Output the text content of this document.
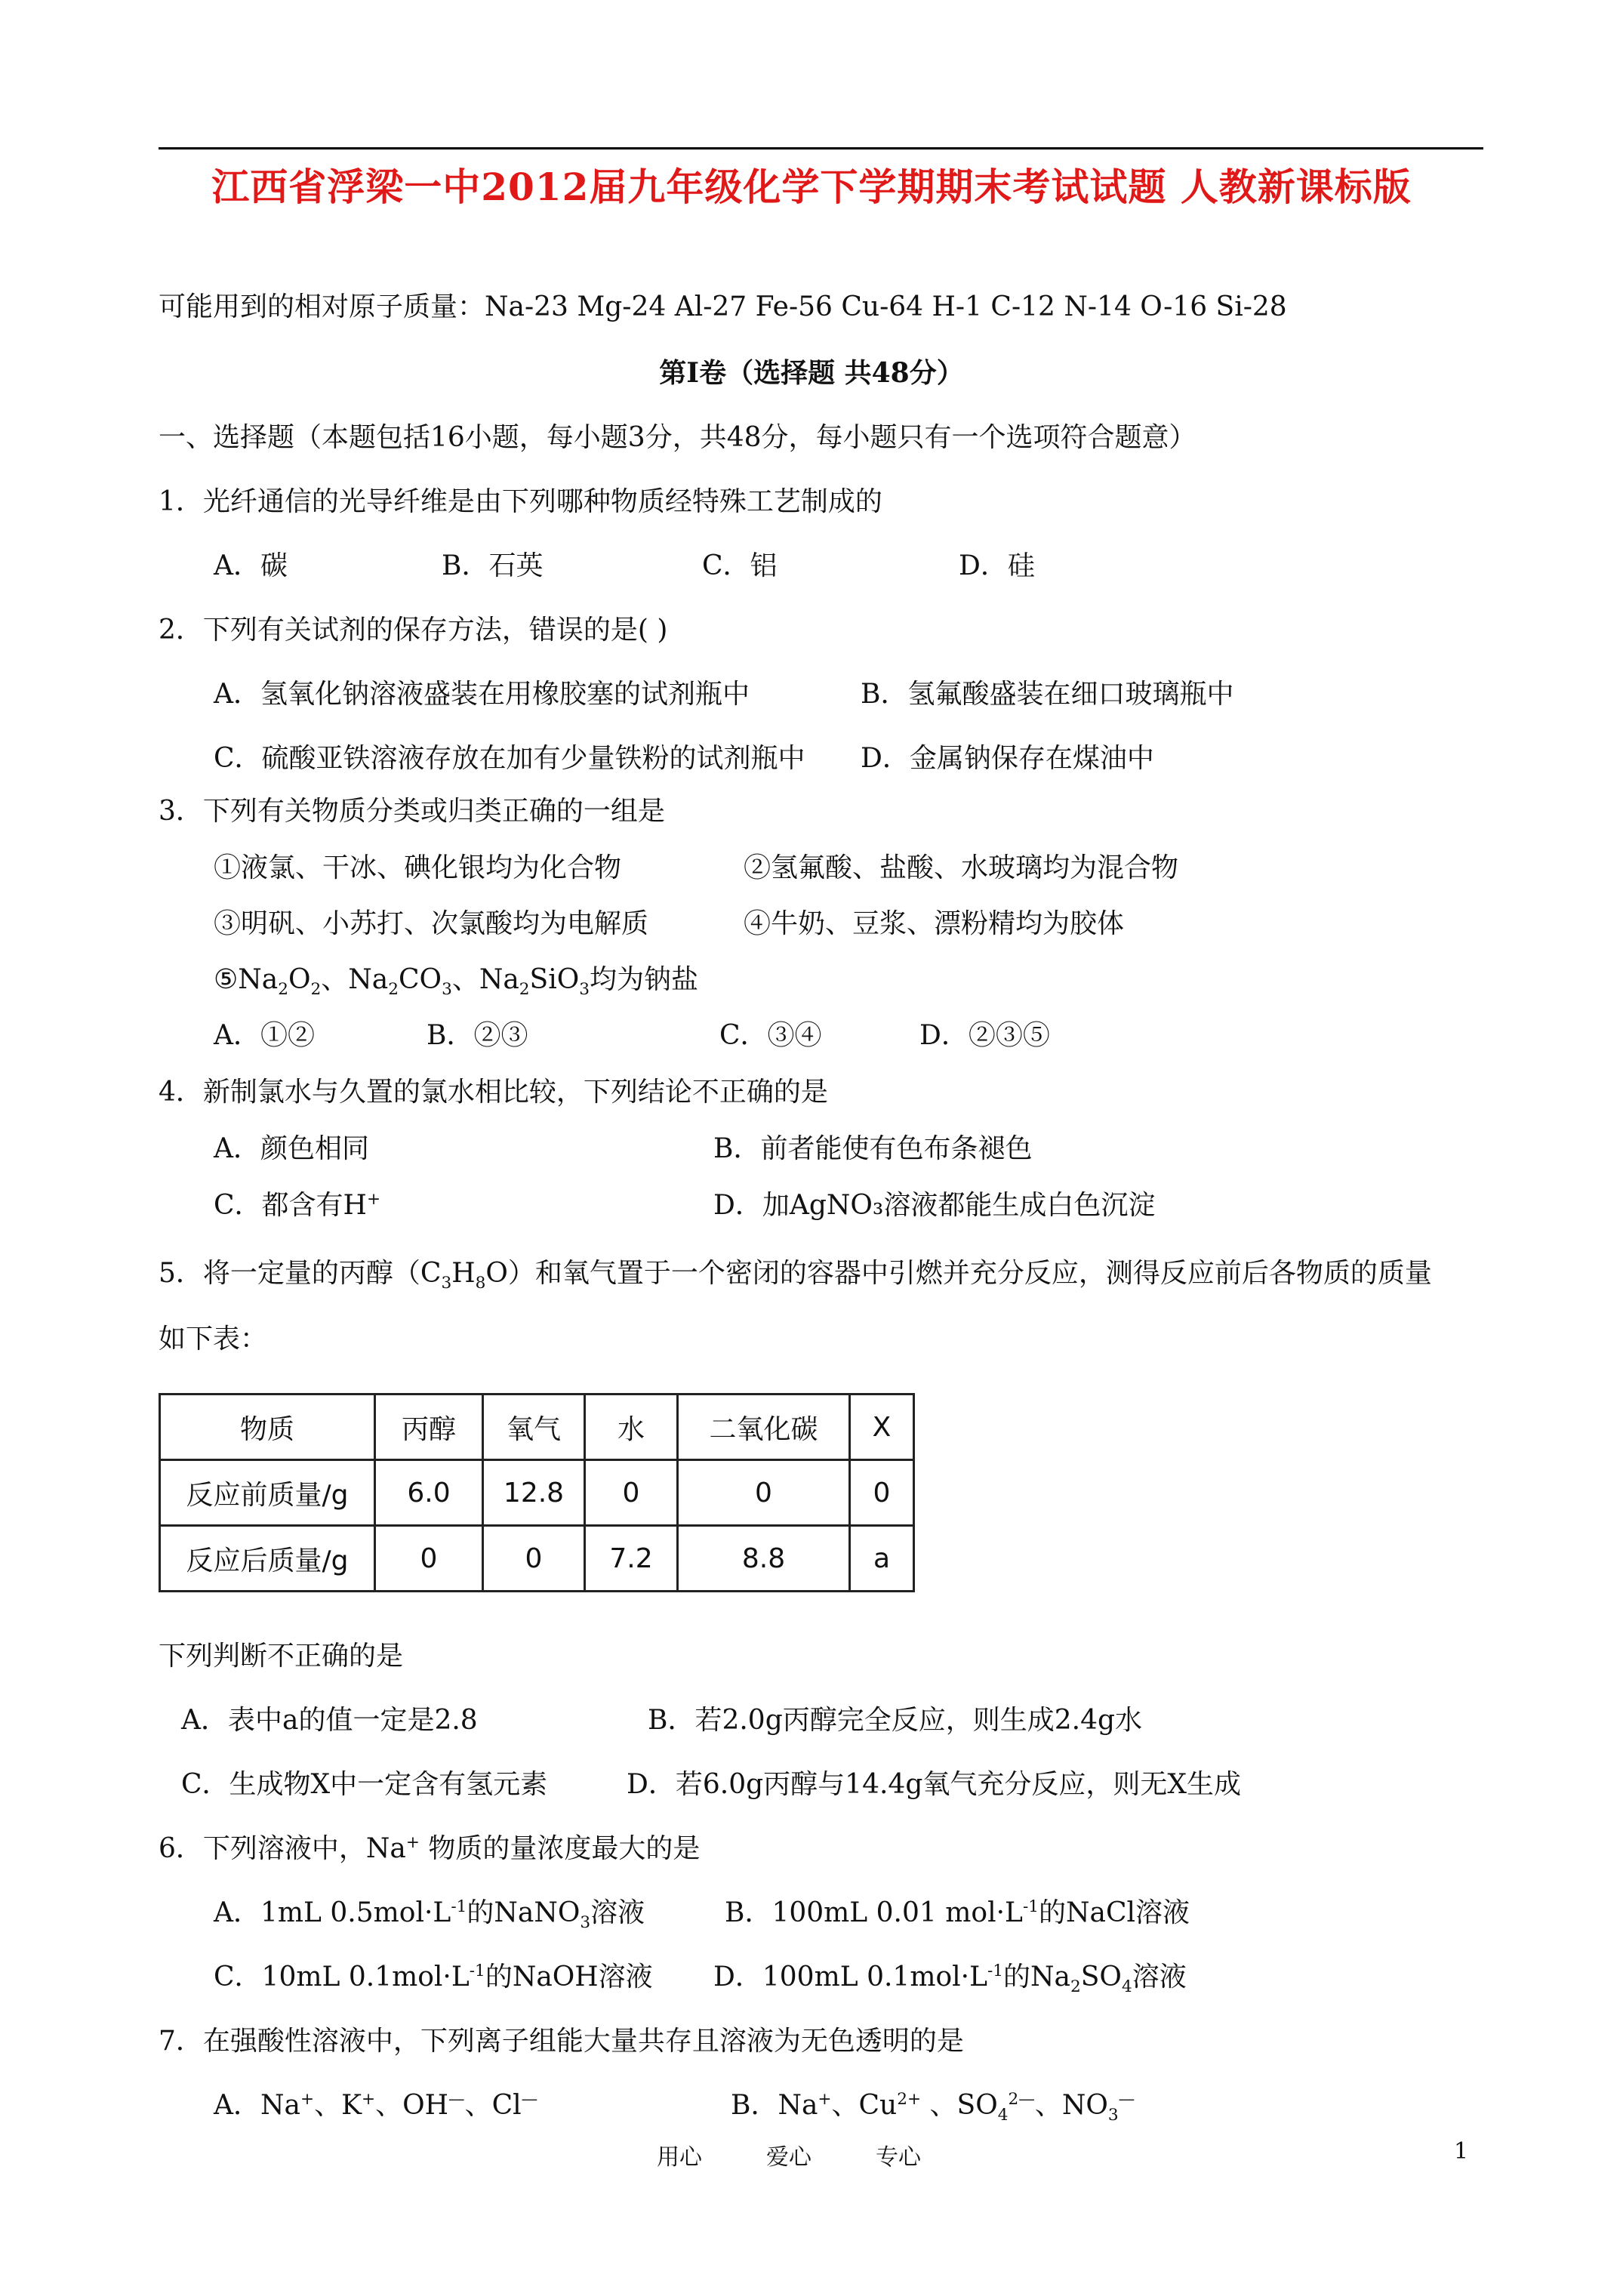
江西省浮梁一中2012届九年级化学下学期期末考试试题 人教新课标版
可能用到的相对原子质量：Na-23 Mg-24 Al-27 Fe-56 Cu-64 H-1 C-12 N-14 O-16 Si-28
第Ⅰ卷（选择题 共48分）
一、选择题（本题包括16小题，每小题3分，共48分，每小题只有一个选项符合题意）
1．光纤通信的光导纤维是由下列哪种物质经特殊工艺制成的
A．碳	B．石英	C．铝	D．硅
2．下列有关试剂的保存方法，错误的是( )
A．氢氧化钠溶液盛装在用橡胶塞的试剂瓶中	B．氢氟酸盛装在细口玻璃瓶中
C．硫酸亚铁溶液存放在加有少量铁粉的试剂瓶中 D．金属钠保存在煤油中
3．下列有关物质分类或归类正确的一组是
①液氯、干冰、碘化银均为化合物	②氢氟酸、盐酸、水玻璃均为混合物
③明矾、小苏打、次氯酸均为电解质	④牛奶、豆浆、漂粉精均为胶体
$⑤Na_2O_2$、$Na_2CO_3$、$Na_2SiO_3$均为钠盐
A．①②	B．②③	C．③④	D．②③⑤
4．新制氯水与久置的氯水相比较，下列结论不正确的是
A．颜色相同	B．前者能使有色布条褪色
C．都含有H+	D．加AgNO₃溶液都能生成白色沉淀
5．将一定量的丙醇$(C_3H_8O)$和氧气置于一个密闭的容器中引燃并充分反应，测得反应前后各物质的质量
如下表：
物质	丙醇	氧气	水	二氧化碳	X
反应前质量/g	6.0	12.8	0	0	0
反应后质量/g	0	0	7.2	8.8	a
下列判断不正确的是
A．表中a的值一定是2.8	B．若2.0g丙醇完全反应，则生成2.4g水
C．生成物X中一定含有氢元素	D．若6.0g丙醇与14.4g氧气充分反应，则无X生成
6．下列溶液中，Na+ 物质的量浓度最大的是
A．1mL $0.5mol\cdot L^{-1}$的NaNO$_3$溶液	B．100mL 0.01 $mol\cdot L^{-1}$的NaCl溶液
C．10mL $0.1mol\cdot L^{-1}$的NaOH溶液 D．100mL $0.1mol\cdot L^{-1}$的$Na_2SO_4$溶液
7．在强酸性溶液中，下列离子组能大量共存且溶液为无色透明的是
A．Na+、K+、OH—、Cl—	B．Na+、$Cu^{2+}$ 、$SO_4^{2—}$、$NO_3^—$
用心	爱心	专心	1
